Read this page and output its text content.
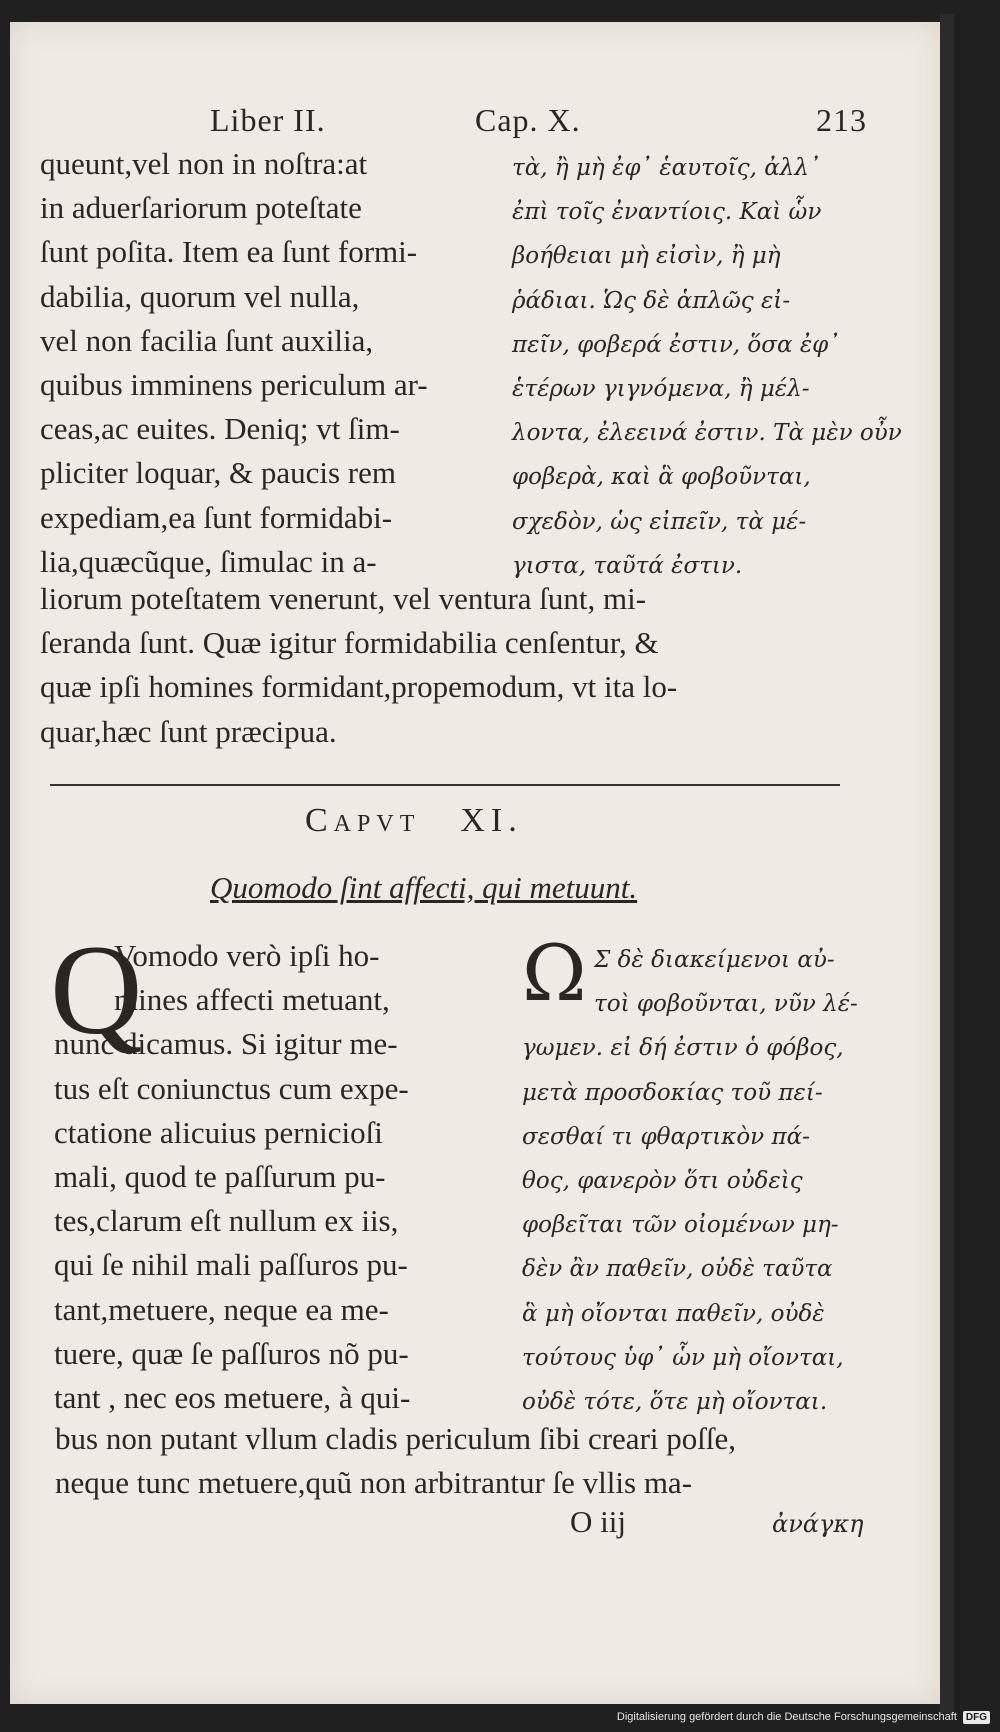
Liber II.	Cap. X.	213
queunt,vel non in noſtra:at
in aduerſariorum poteſtate
ſunt poſita. Item ea ſunt formi-
dabilia, quorum vel nulla,
vel non facilia ſunt auxilia,
quibus imminens periculum ar-
ceas,ac euites. Deniq; vt ſim-
pliciter loquar, & paucis rem
expediam,ea ſunt formidabi-
lia,quæcũque, ſimulac in a-
τὰ, ἢ μὴ ἐφ᾽ ἑαυτοῖς, ἀλλ᾽
ἐπὶ τοῖς ἐναντίοις. Καὶ ὧν
βοήθειαι μὴ εἰσὶν, ἢ μὴ
ῥάδιαι. Ὡς δὲ ἁπλῶς εἰ-
πεῖν, φοβερά ἐστιν, ὅσα ἐφ᾽
ἑτέρων γιγνόμενα, ἢ μέλ-
λοντα, ἐλεεινά ἐστιν. Τὰ μὲν οὖν
φοβερὰ, καὶ ἃ φοβοῦνται,
σχεδὸν, ὡς εἰπεῖν, τὰ μέ-
γιστα, ταῦτά ἐστιν.
liorum poteſtatem venerunt, vel ventura ſunt, mi-
ſeranda ſunt. Quæ igitur formidabilia cenſentur, &
quæ ipſi homines formidant,propemodum, vt ita lo-
quar,hæc ſunt præcipua.
Capvt XI.
Quomodo ſint affecti, qui metuunt.
Q
Vomodo verò ipſi ho-
mines affecti metuant,
nunc dicamus. Si igitur me-
tus eſt coniunctus cum expe-
ctatione alicuius pernicioſi
mali, quod te paſſurum pu-
tes,clarum eſt nullum ex iis,
qui ſe nihil mali paſſuros pu-
tant,metuere, neque ea me-
tuere, quæ ſe paſſuros nõ pu-
tant , nec eos metuere, à qui-
Ω Σ δὲ διακείμενοι αὐ-
τοὶ φοβοῦνται, νῦν λέ-
γωμεν. εἰ δή ἐστιν ὁ φόβος,
μετὰ προσδοκίας τοῦ πεί-
σεσθαί τι φθαρτικὸν πά-
θος, φανερὸν ὅτι οὐδεὶς
φοβεῖται τῶν οἰομένων μη-
δὲν ἂν παθεῖν, οὐδὲ ταῦτα
ἃ μὴ οἴονται παθεῖν, οὐδὲ
τούτους ὑφ᾽ ὧν μὴ οἴονται,
οὐδὲ τότε, ὅτε μὴ οἴονται.
bus non putant vllum cladis periculum ſibi creari poſſe,
neque tunc metuere,quũ non arbitrantur ſe vllis ma-
O iij	ἀνάγκη
Digitalisierung gefördert durch die Deutsche Forschungsgemeinschaft DFG
